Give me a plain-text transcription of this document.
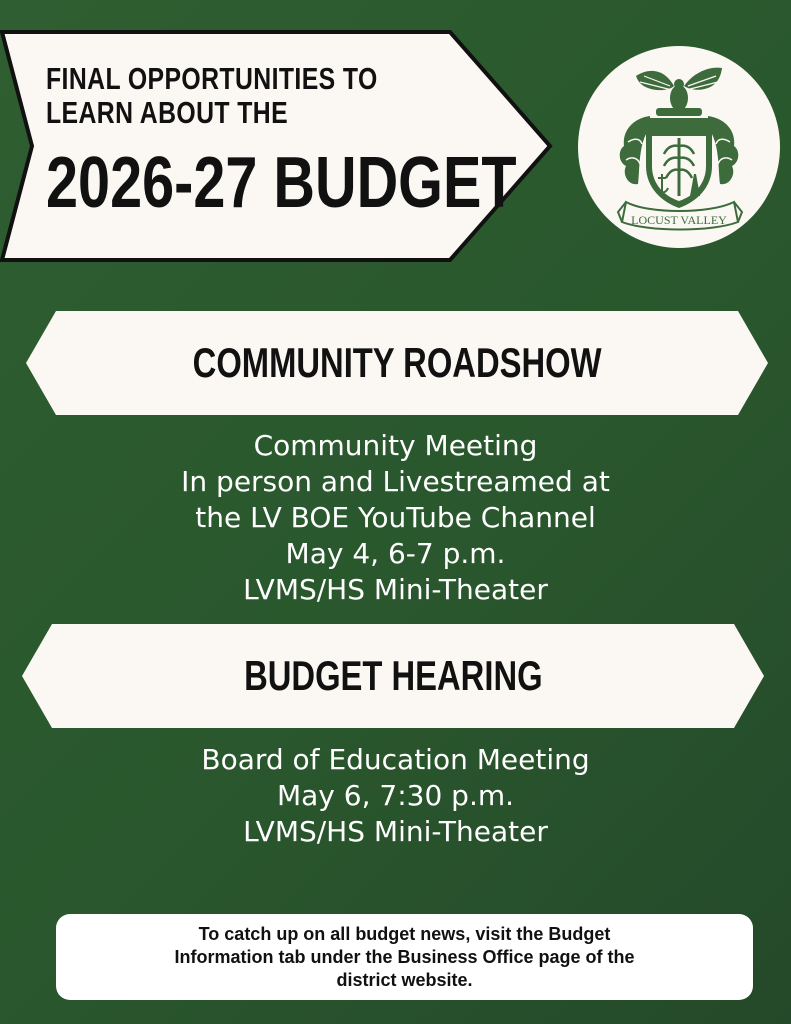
FINAL OPPORTUNITIES TO
LEARN ABOUT THE
2026-27 BUDGET	LOCUST VALLEY
COMMUNITY ROADSHOW
Community Meeting
In person and Livestreamed at
the LV BOE YouTube Channel
May 4, 6-7 p.m.
LVMS/HS Mini-Theater
BUDGET HEARING
Board of Education Meeting
May 6, 7:30 p.m.
LVMS/HS Mini-Theater
To catch up on all budget news, visit the Budget
Information tab under the Business Office page of the
district website.
